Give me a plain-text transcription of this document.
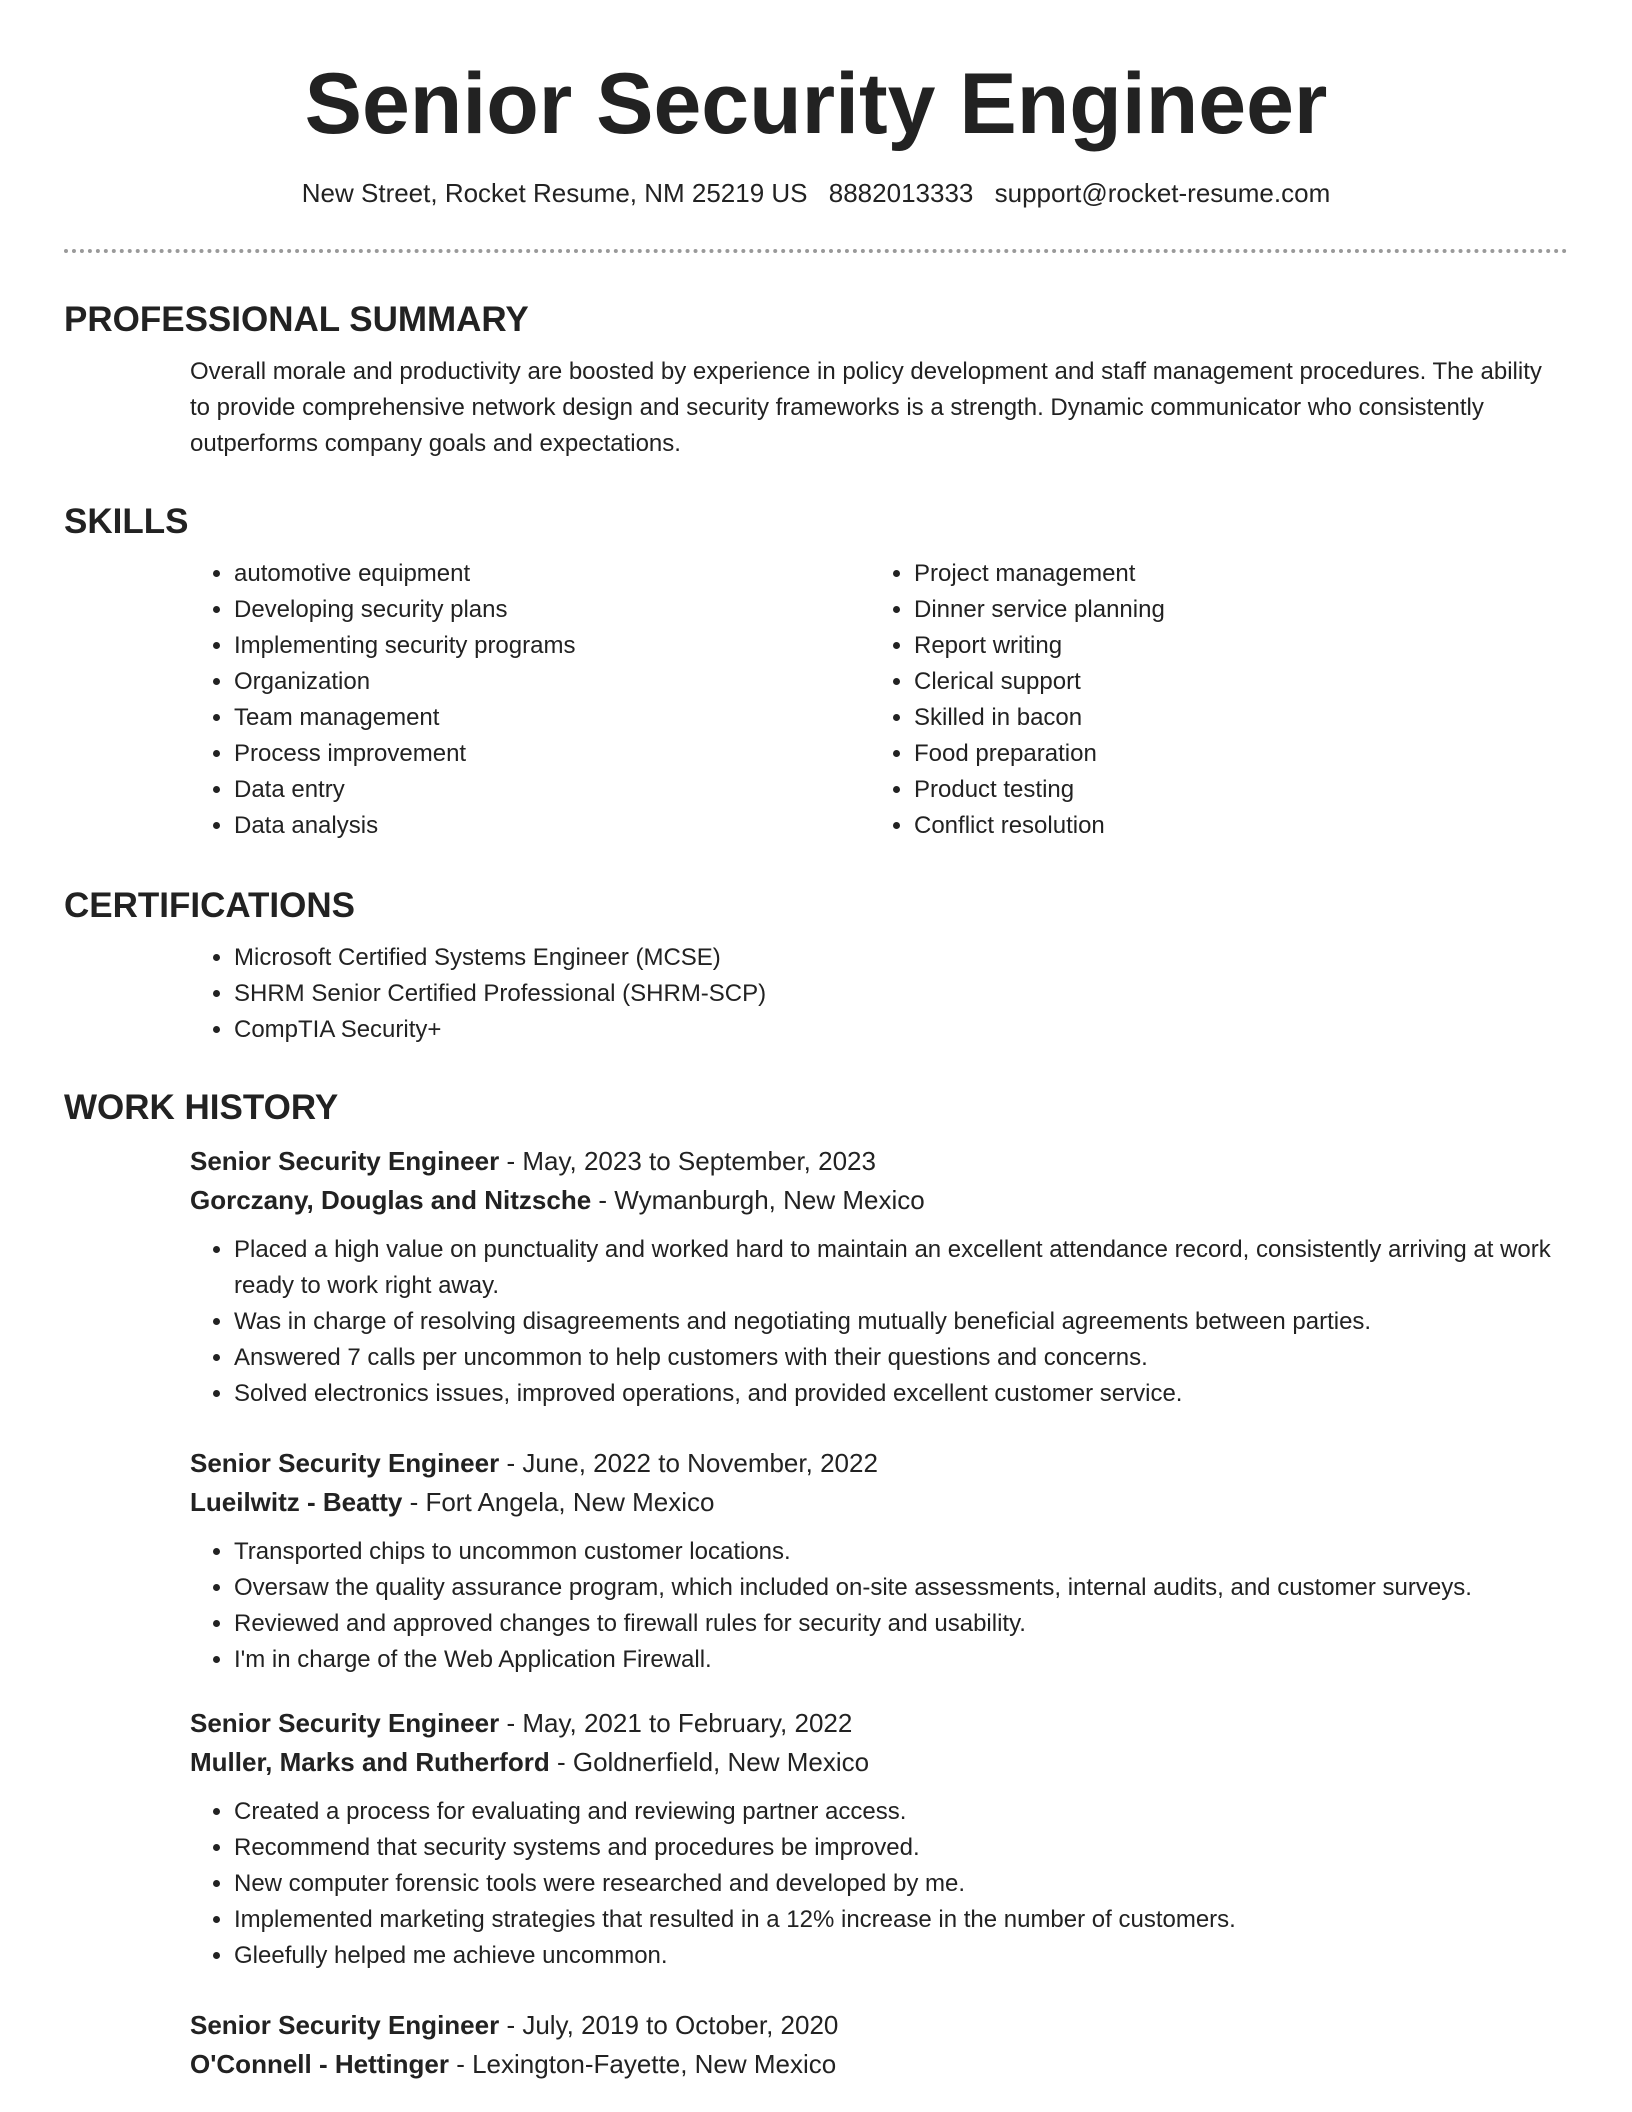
Senior Security Engineer
New Street, Rocket Resume, NM 25219 US 8882013333 support@rocket-resume.com
PROFESSIONAL SUMMARY
Overall morale and productivity are boosted by experience in policy development and staff management procedures. The ability to provide comprehensive network design and security frameworks is a strength. Dynamic communicator who consistently outperforms company goals and expectations.
SKILLS
• automotive equipment
• Developing security plans
• Implementing security programs
• Organization
• Team management
• Process improvement
• Data entry
• Data analysis
• Project management
• Dinner service planning
• Report writing
• Clerical support
• Skilled in bacon
• Food preparation
• Product testing
• Conflict resolution
CERTIFICATIONS
• Microsoft Certified Systems Engineer (MCSE)
• SHRM Senior Certified Professional (SHRM-SCP)
• CompTIA Security+
WORK HISTORY
Senior Security Engineer - May, 2023 to September, 2023
Gorczany, Douglas and Nitzsche - Wymanburgh, New Mexico
• Placed a high value on punctuality and worked hard to maintain an excellent attendance record, consistently arriving at work ready to work right away.
• Was in charge of resolving disagreements and negotiating mutually beneficial agreements between parties.
• Answered 7 calls per uncommon to help customers with their questions and concerns.
• Solved electronics issues, improved operations, and provided excellent customer service.
Senior Security Engineer - June, 2022 to November, 2022
Lueilwitz - Beatty - Fort Angela, New Mexico
• Transported chips to uncommon customer locations.
• Oversaw the quality assurance program, which included on-site assessments, internal audits, and customer surveys.
• Reviewed and approved changes to firewall rules for security and usability.
• I'm in charge of the Web Application Firewall.
Senior Security Engineer - May, 2021 to February, 2022
Muller, Marks and Rutherford - Goldnerfield, New Mexico
• Created a process for evaluating and reviewing partner access.
• Recommend that security systems and procedures be improved.
• New computer forensic tools were researched and developed by me.
• Implemented marketing strategies that resulted in a 12% increase in the number of customers.
• Gleefully helped me achieve uncommon.
Senior Security Engineer - July, 2019 to October, 2020
O'Connell - Hettinger - Lexington-Fayette, New Mexico
